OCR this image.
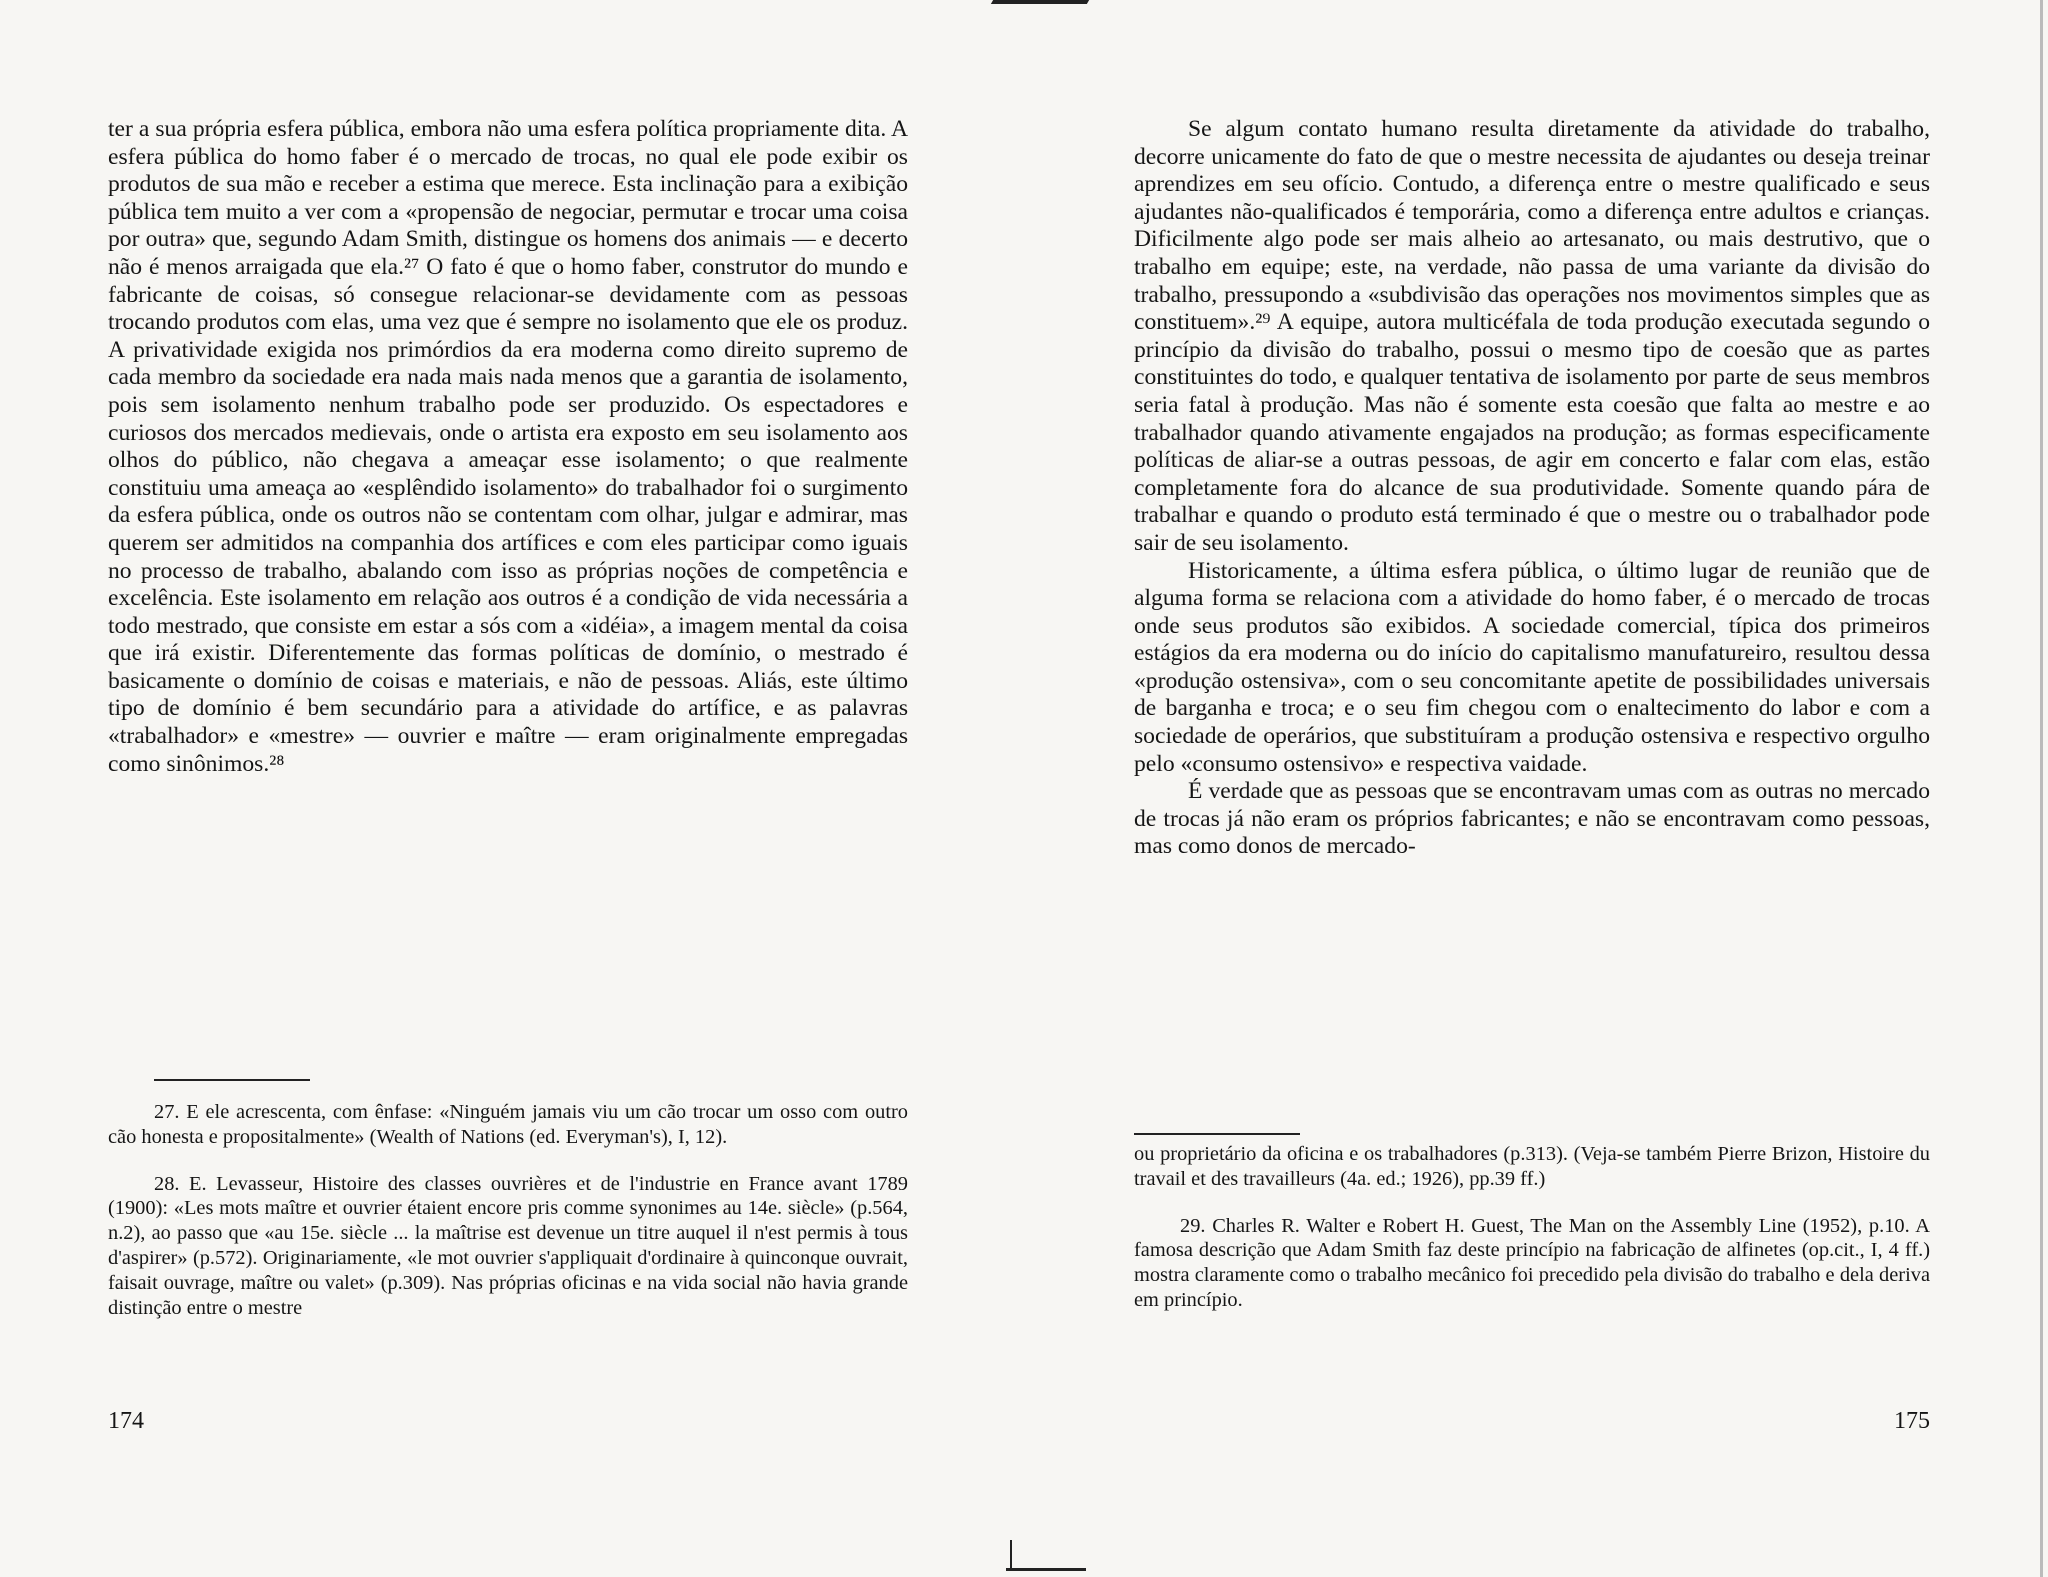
ter a sua própria esfera pública, embora não uma esfera política propriamente dita. A esfera pública do homo faber é o mercado de trocas, no qual ele pode exibir os produtos de sua mão e receber a estima que merece. Esta inclinação para a exibição pública tem muito a ver com a «propensão de negociar, permutar e trocar uma coisa por outra» que, segundo Adam Smith, distingue os homens dos animais — e decerto não é menos arraigada que ela.²⁷ O fato é que o homo faber, construtor do mundo e fabricante de coisas, só consegue relacionar-se devidamente com as pessoas trocando produtos com elas, uma vez que é sempre no isolamento que ele os produz. A privatividade exigida nos primórdios da era moderna como direito supremo de cada membro da sociedade era nada mais nada menos que a garantia de isolamento, pois sem isolamento nenhum trabalho pode ser produzido. Os espectadores e curiosos dos mercados medievais, onde o artista era exposto em seu isolamento aos olhos do público, não chegava a ameaçar esse isolamento; o que realmente constituiu uma ameaça ao «esplêndido isolamento» do trabalhador foi o surgimento da esfera pública, onde os outros não se contentam com olhar, julgar e admirar, mas querem ser admitidos na companhia dos artífices e com eles participar como iguais no processo de trabalho, abalando com isso as próprias noções de competência e excelência. Este isolamento em relação aos outros é a condição de vida necessária a todo mestrado, que consiste em estar a sós com a «idéia», a imagem mental da coisa que irá existir. Diferentemente das formas políticas de domínio, o mestrado é basicamente o domínio de coisas e materiais, e não de pessoas. Aliás, este último tipo de domínio é bem secundário para a atividade do artífice, e as palavras «trabalhador» e «mestre» — ouvrier e maître — eram originalmente empregadas como sinônimos.²⁸

27. E ele acrescenta, com ênfase: «Ninguém jamais viu um cão trocar um osso com outro cão honesta e propositalmente» (Wealth of Nations (ed. Everyman's), I, 12).

28. E. Levasseur, Histoire des classes ouvrières et de l'industrie en France avant 1789 (1900): «Les mots maître et ouvrier étaient encore pris comme synonimes au 14e. siècle» (p.564, n.2), ao passo que «au 15e. siècle ... la maîtrise est devenue un titre auquel il n'est permis à tous d'aspirer» (p.572). Originariamente, «le mot ouvrier s'appliquait d'ordinaire à quinconque ouvrait, faisait ouvrage, maître ou valet» (p.309). Nas próprias oficinas e na vida social não havia grande distinção entre o mestre

174

Se algum contato humano resulta diretamente da atividade do trabalho, decorre unicamente do fato de que o mestre necessita de ajudantes ou deseja treinar aprendizes em seu ofício. Contudo, a diferença entre o mestre qualificado e seus ajudantes não-qualificados é temporária, como a diferença entre adultos e crianças. Dificilmente algo pode ser mais alheio ao artesanato, ou mais destrutivo, que o trabalho em equipe; este, na verdade, não passa de uma variante da divisão do trabalho, pressupondo a «subdivisão das operações nos movimentos simples que as constituem».²⁹ A equipe, autora multicéfala de toda produção executada segundo o princípio da divisão do trabalho, possui o mesmo tipo de coesão que as partes constituintes do todo, e qualquer tentativa de isolamento por parte de seus membros seria fatal à produção. Mas não é somente esta coesão que falta ao mestre e ao trabalhador quando ativamente engajados na produção; as formas especificamente políticas de aliar-se a outras pessoas, de agir em concerto e falar com elas, estão completamente fora do alcance de sua produtividade. Somente quando pára de trabalhar e quando o produto está terminado é que o mestre ou o trabalhador pode sair de seu isolamento.

Historicamente, a última esfera pública, o último lugar de reunião que de alguma forma se relaciona com a atividade do homo faber, é o mercado de trocas onde seus produtos são exibidos. A sociedade comercial, típica dos primeiros estágios da era moderna ou do início do capitalismo manufatureiro, resultou dessa «produção ostensiva», com o seu concomitante apetite de possibilidades universais de barganha e troca; e o seu fim chegou com o enaltecimento do labor e com a sociedade de operários, que substituíram a produção ostensiva e respectivo orgulho pelo «consumo ostensivo» e respectiva vaidade.

É verdade que as pessoas que se encontravam umas com as outras no mercado de trocas já não eram os próprios fabricantes; e não se encontravam como pessoas, mas como donos de mercado-

ou proprietário da oficina e os trabalhadores (p.313). (Veja-se também Pierre Brizon, Histoire du travail et des travailleurs (4a. ed.; 1926), pp.39 ff.)

29. Charles R. Walter e Robert H. Guest, The Man on the Assembly Line (1952), p.10. A famosa descrição que Adam Smith faz deste princípio na fabricação de alfinetes (op.cit., I, 4 ff.) mostra claramente como o trabalho mecânico foi precedido pela divisão do trabalho e dela deriva em princípio.

175
